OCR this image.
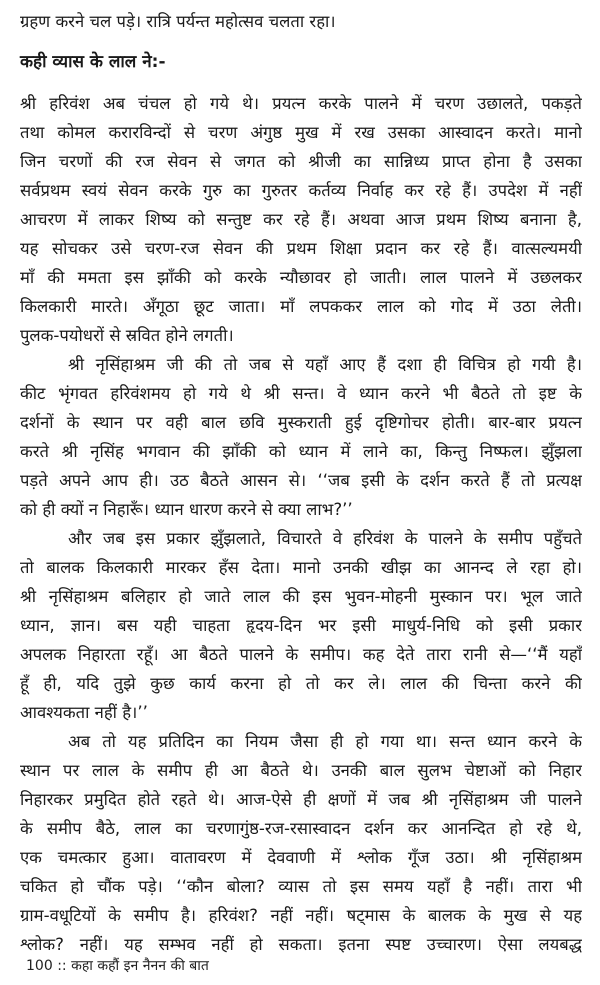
ग्रहण करने चल पड़े। रात्रि पर्यन्त महोत्सव चलता रहा।
कही व्यास के लाल ने:-
श्री हरिवंश अब चंचल हो गये थे। प्रयत्न करके पालने में चरण उछालते, पकड़ते
तथा कोमल करारविन्दों से चरण अंगुष्ठ मुख में रख उसका आस्वादन करते। मानो
जिन चरणों की रज सेवन से जगत को श्रीजी का सान्निध्य प्राप्त होना है उसका
सर्वप्रथम स्वयं सेवन करके गुरु का गुरुतर कर्तव्य निर्वाह कर रहे हैं। उपदेश में नहीं
आचरण में लाकर शिष्य को सन्तुष्ट कर रहे हैं। अथवा आज प्रथम शिष्य बनाना है,
यह सोचकर उसे चरण-रज सेवन की प्रथम शिक्षा प्रदान कर रहे हैं। वात्सल्यमयी
माँ की ममता इस झाँकी को करके न्यौछावर हो जाती। लाल पालने में उछलकर
किलकारी मारते। अँगूठा छूट जाता। माँ लपककर लाल को गोद में उठा लेती।
पुलक-पयोधरों से स्रवित होने लगती।
श्री नृसिंहाश्रम जी की तो जब से यहाँ आए हैं दशा ही विचित्र हो गयी है।
कीट भृंगवत हरिवंशमय हो गये थे श्री सन्त। वे ध्यान करने भी बैठते तो इष्ट के
दर्शनों के स्थान पर वही बाल छवि मुस्कराती हुई दृष्टिगोचर होती। बार-बार प्रयत्न
करते श्री नृसिंह भगवान की झाँकी को ध्यान में लाने का, किन्तु निष्फल। झुँझला
पड़ते अपने आप ही। उठ बैठते आसन से। ‘‘जब इसी के दर्शन करते हैं तो प्रत्यक्ष
को ही क्यों न निहारूँ। ध्यान धारण करने से क्या लाभ?’’
और जब इस प्रकार झुँझलाते, विचारते वे हरिवंश के पालने के समीप पहुँचते
तो बालक किलकारी मारकर हँस देता। मानो उनकी खीझ का आनन्द ले रहा हो।
श्री नृसिंहाश्रम बलिहार हो जाते लाल की इस भुवन-मोहनी मुस्कान पर। भूल जाते
ध्यान, ज्ञान। बस यही चाहता हृदय-दिन भर इसी माधुर्य-निधि को इसी प्रकार
अपलक निहारता रहूँ। आ बैठते पालने के समीप। कह देते तारा रानी से—‘‘मैं यहाँ
हूँ ही, यदि तुझे कुछ कार्य करना हो तो कर ले। लाल की चिन्ता करने की
आवश्यकता नहीं है।’’
अब तो यह प्रतिदिन का नियम जैसा ही हो गया था। सन्त ध्यान करने के
स्थान पर लाल के समीप ही आ बैठते थे। उनकी बाल सुलभ चेष्टाओं को निहार
निहारकर प्रमुदित होते रहते थे। आज-ऐसे ही क्षणों में जब श्री नृसिंहाश्रम जी पालने
के समीप बैठे, लाल का चरणागुंष्ठ-रज-रसास्वादन दर्शन कर आनन्दित हो रहे थे,
एक चमत्कार हुआ। वातावरण में देववाणी में श्लोक गूँज उठा। श्री नृसिंहाश्रम
चकित हो चौंक पड़े। ‘‘कौन बोला? व्यास तो इस समय यहाँ है नहीं। तारा भी
ग्राम-वधूटियों के समीप है। हरिवंश? नहीं नहीं। षट्मास के बालक के मुख से यह
श्लोक? नहीं। यह सम्भव नहीं हो सकता। इतना स्पष्ट उच्चारण। ऐसा लयबद्ध
100 :: कहा कहौं इन नैनन की बात
